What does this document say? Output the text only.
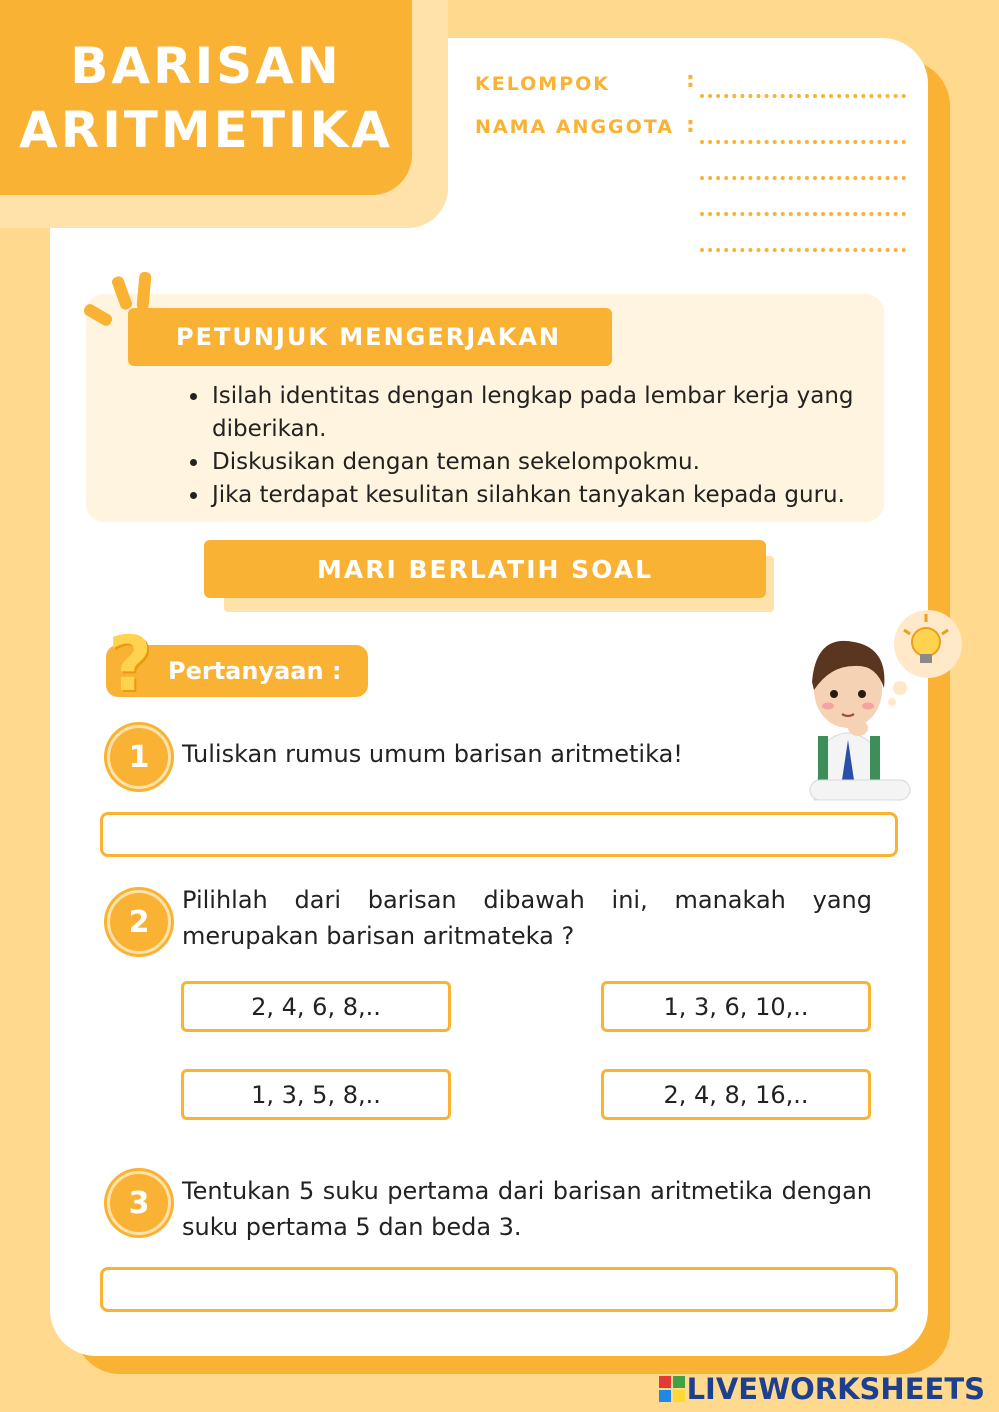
BARISAN
ARITMETIKA
KELOMPOK	:
NAMA ANGGOTA :
PETUNJUK MENGERJAKAN
• Isilah identitas dengan lengkap pada lembar kerja yang diberikan.
• Diskusikan dengan teman sekelompokmu.
• Jika terdapat kesulitan silahkan tanyakan kepada guru.
MARI BERLATIH SOAL
Pertanyaan :
?
1	Tuliskan rumus umum barisan aritmetika!
2
Pilihlah dari barisan dibawah ini, manakah yang merupakan barisan aritmateka ?
2, 4, 6, 8,..	1, 3, 6, 10,..
1, 3, 5, 8,..	2, 4, 8, 16,..
3	Tentukan 5 suku pertama dari barisan aritmetika dengan suku pertama 5 dan beda 3.
LIVEWORKSHEETS
